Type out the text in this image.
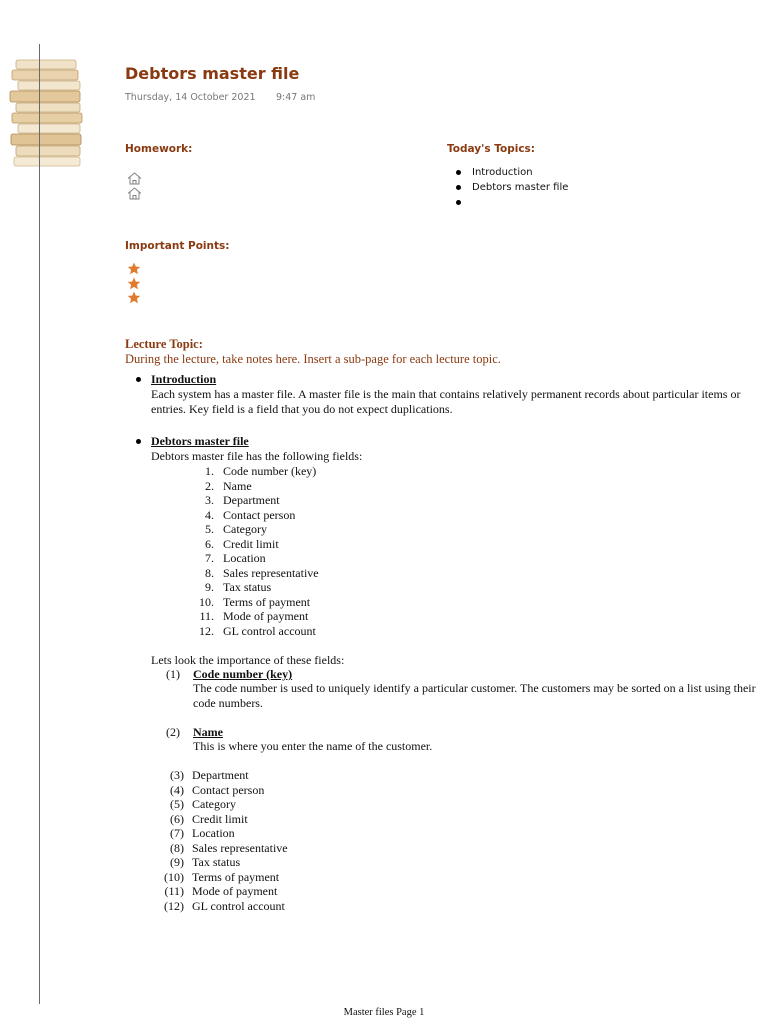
Debtors master file
Thursday, 14 October 2021 9:47 am
Homework:	Today's Topics:
Introduction
Debtors master file
Important Points:
Lecture Topic:
During the lecture, take notes here. Insert a sub-page for each lecture topic.
Introduction
Each system has a master file. A master file is the main that contains relatively permanent records about particular items or entries. Key field is a field that you do not expect duplications.
Debtors master file
Debtors master file has the following fields:
1. Code number (key)
2. Name
3. Department
4. Contact person
5. Category
6. Credit limit
7. Location
8. Sales representative
9. Tax status
10. Terms of payment
11. Mode of payment
12. GL control account
Lets look the importance of these fields:
(1) Code number (key)
The code number is used to uniquely identify a particular customer. The customers may be sorted on a list using their code numbers.
(2) Name
This is where you enter the name of the customer.
(3) Department
(4) Contact person
(5) Category
(6) Credit limit
(7) Location
(8) Sales representative
(9) Tax status
(10) Terms of payment
(11) Mode of payment
(12) GL control account
Master files Page 1
